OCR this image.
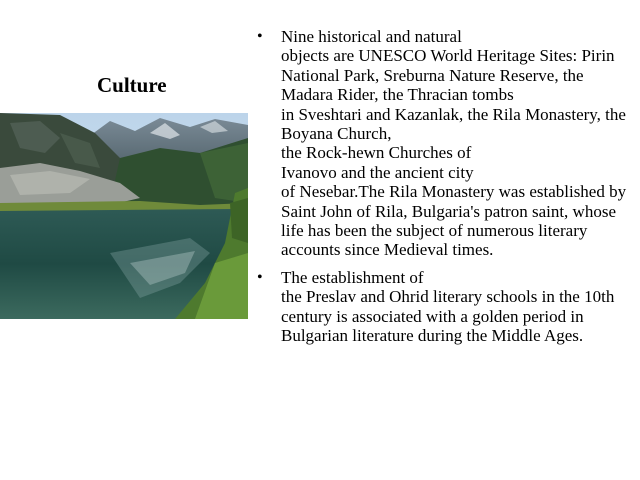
Culture
• Nine historical and natural
objects are UNESCO World Heritage Sites: Pirin National Park, Sreburna Nature Reserve, the Madara Rider, the Thracian tombs
in Sveshtari and Kazanlak, the Rila Monastery, the Boyana Church,
the Rock-hewn Churches of
Ivanovo and the ancient city
of Nesebar.The Rila Monastery was established by Saint John of Rila, Bulgaria's patron saint, whose life has been the subject of numerous literary accounts since Medieval times.
• The establishment of
the Preslav and Ohrid literary schools in the 10th century is associated with a golden period in Bulgarian literature during the Middle Ages.
